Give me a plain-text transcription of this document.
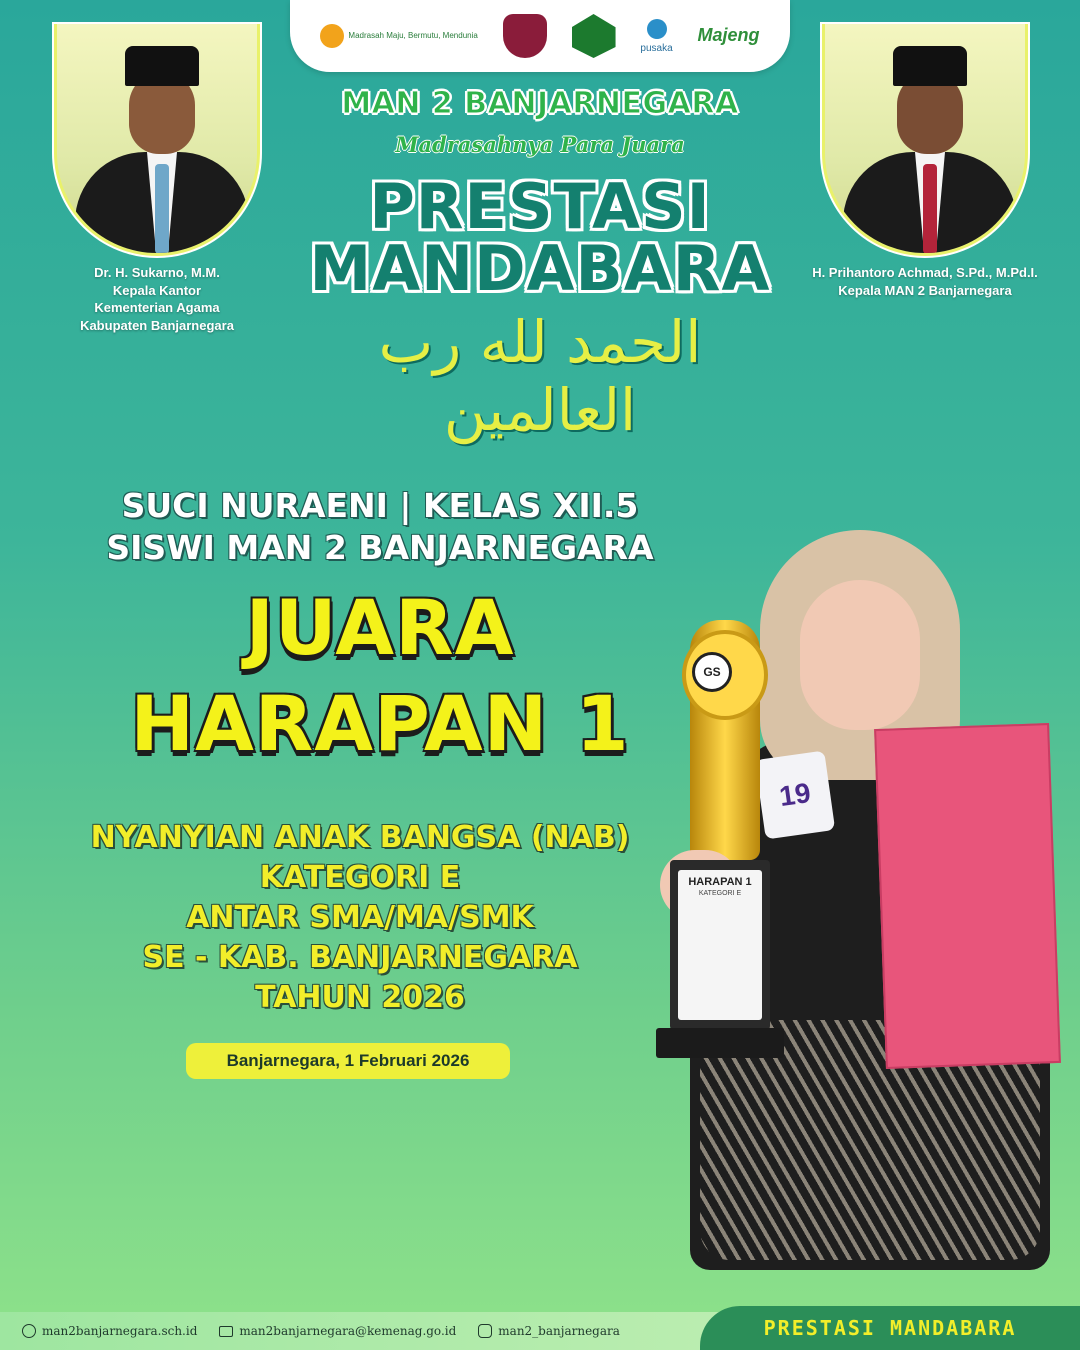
Madrasah Maju, Bermutu, Mendunia
pusaka
Majeng
Dr. H. Sukarno, M.M.
Kepala Kantor
Kementerian Agama
Kabupaten Banjarnegara
H. Prihantoro Achmad, S.Pd., M.Pd.I.
Kepala MAN 2 Banjarnegara
MAN 2 BANJARNEGARA
Madrasahnya Para Juara
PRESTASI
MANDABARA
الحمد لله رب العالمين
SUCI NURAENI | KELAS XII.5
SISWI MAN 2 BANJARNEGARA
JUARA
HARAPAN 1
NYANYIAN ANAK BANGSA (NAB)
KATEGORI E
ANTAR SMA/MA/SMK
SE - KAB. BANJARNEGARA
TAHUN 2026
Banjarnegara, 1 Februari 2026
19
GS
HARAPAN 1
KATEGORI E
man2banjarnegara.sch.id	man2banjarnegara@kemenag.go.id	man2_banjarnegara	PRESTASI MANDABARA
